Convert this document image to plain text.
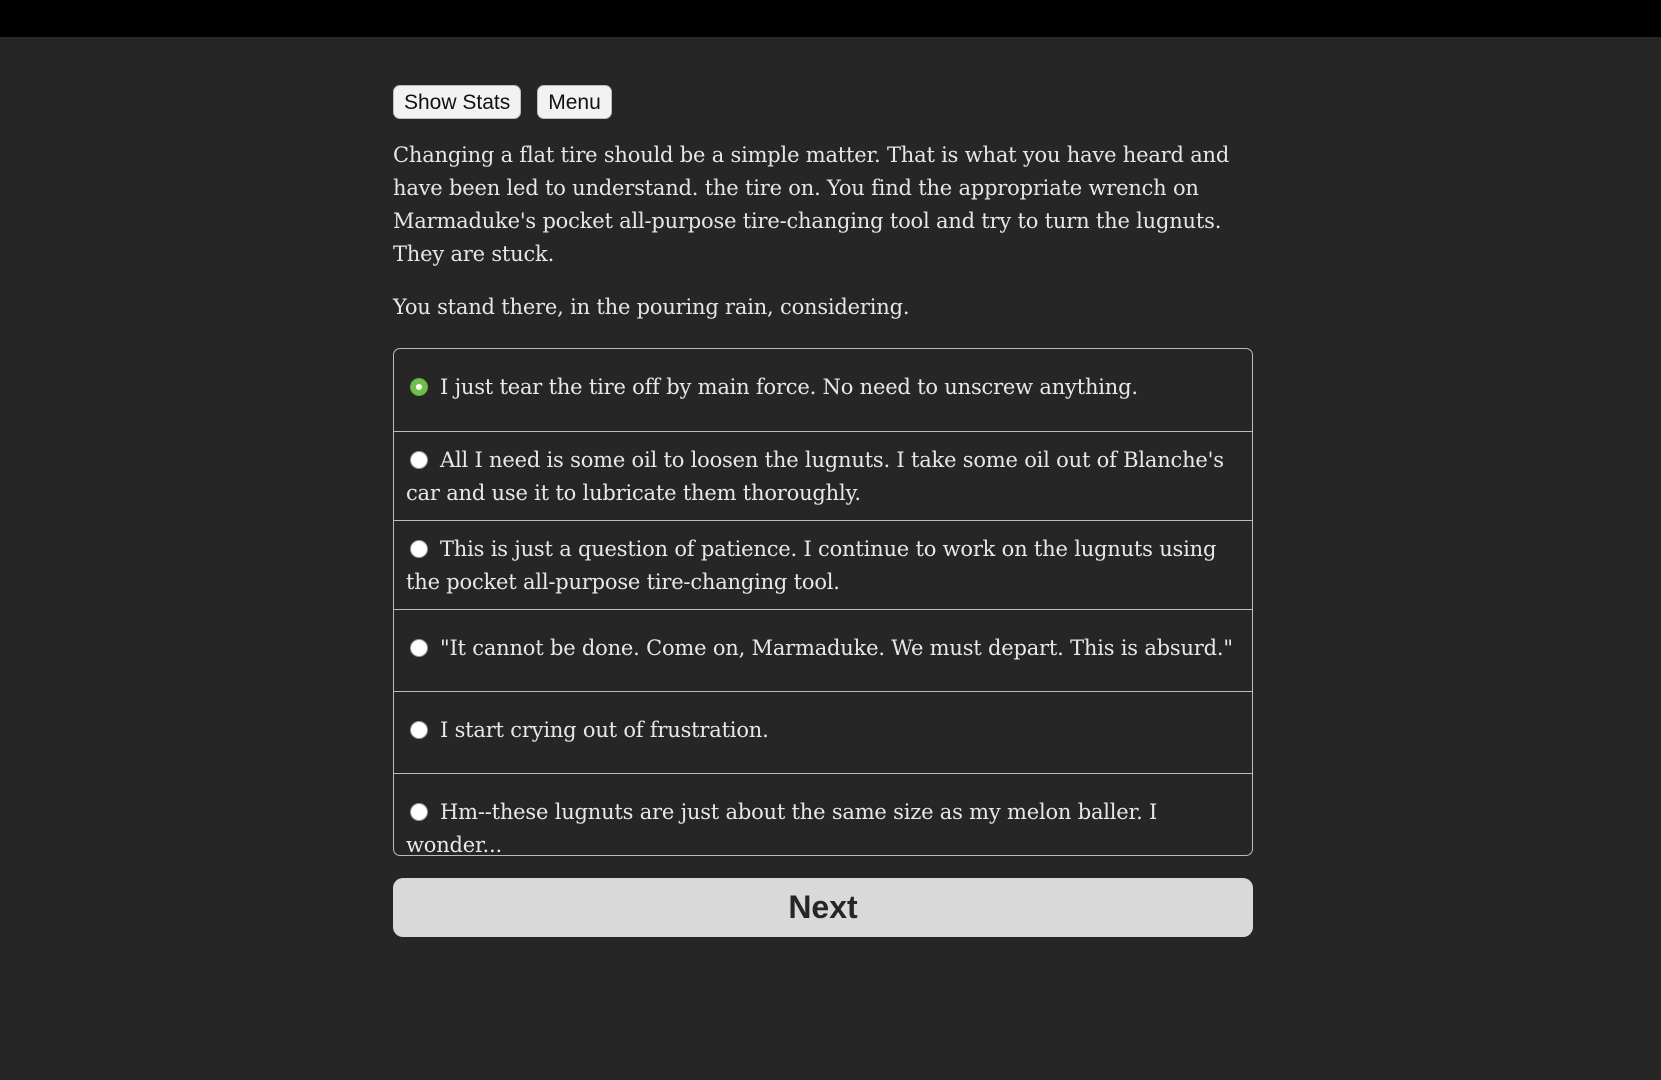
Show Stats	Menu

Changing a flat tire should be a simple matter. That is what you have heard and have been led to understand. the tire on. You find the appropriate wrench on Marmaduke's pocket all-purpose tire-changing tool and try to turn the lugnuts. They are stuck.

You stand there, in the pouring rain, considering.

I just tear the tire off by main force. No need to unscrew anything.
All I need is some oil to loosen the lugnuts. I take some oil out of Blanche's car and use it to lubricate them thoroughly.
This is just a question of patience. I continue to work on the lugnuts using the pocket all-purpose tire-changing tool.
"It cannot be done. Come on, Marmaduke. We must depart. This is absurd."
I start crying out of frustration.
Hm--these lugnuts are just about the same size as my melon baller. I wonder...
Next
